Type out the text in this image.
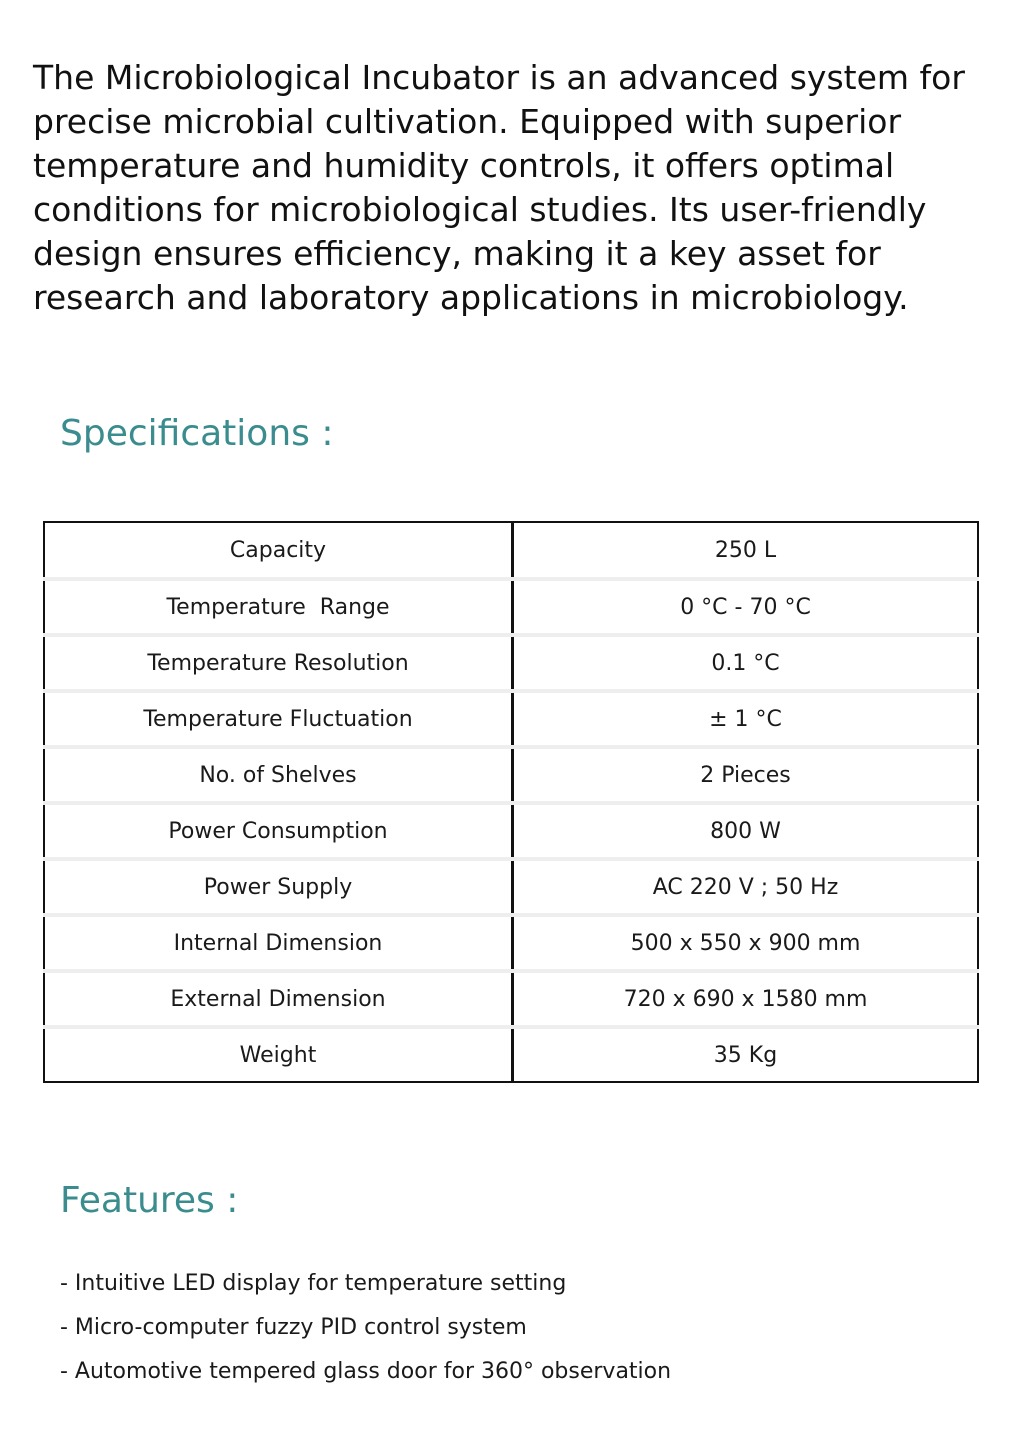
The Microbiological Incubator is an advanced system for precise microbial cultivation. Equipped with superior temperature and humidity controls, it offers optimal conditions for microbiological studies. Its user-friendly design ensures efficiency, making it a key asset for research and laboratory applications in microbiology.

Specifications :
Capacity	250 L
Temperature  Range	0 °C - 70 °C
Temperature Resolution	0.1 °C
Temperature Fluctuation	± 1 °C
No. of Shelves	2 Pieces
Power Consumption	800 W
Power Supply	AC 220 V ; 50 Hz
Internal Dimension	500 x 550 x 900 mm
External Dimension	720 x 690 x 1580 mm
Weight	35 Kg
Features :
- Intuitive LED display for temperature setting
- Micro-computer fuzzy PID control system
- Automotive tempered glass door for 360° observation
